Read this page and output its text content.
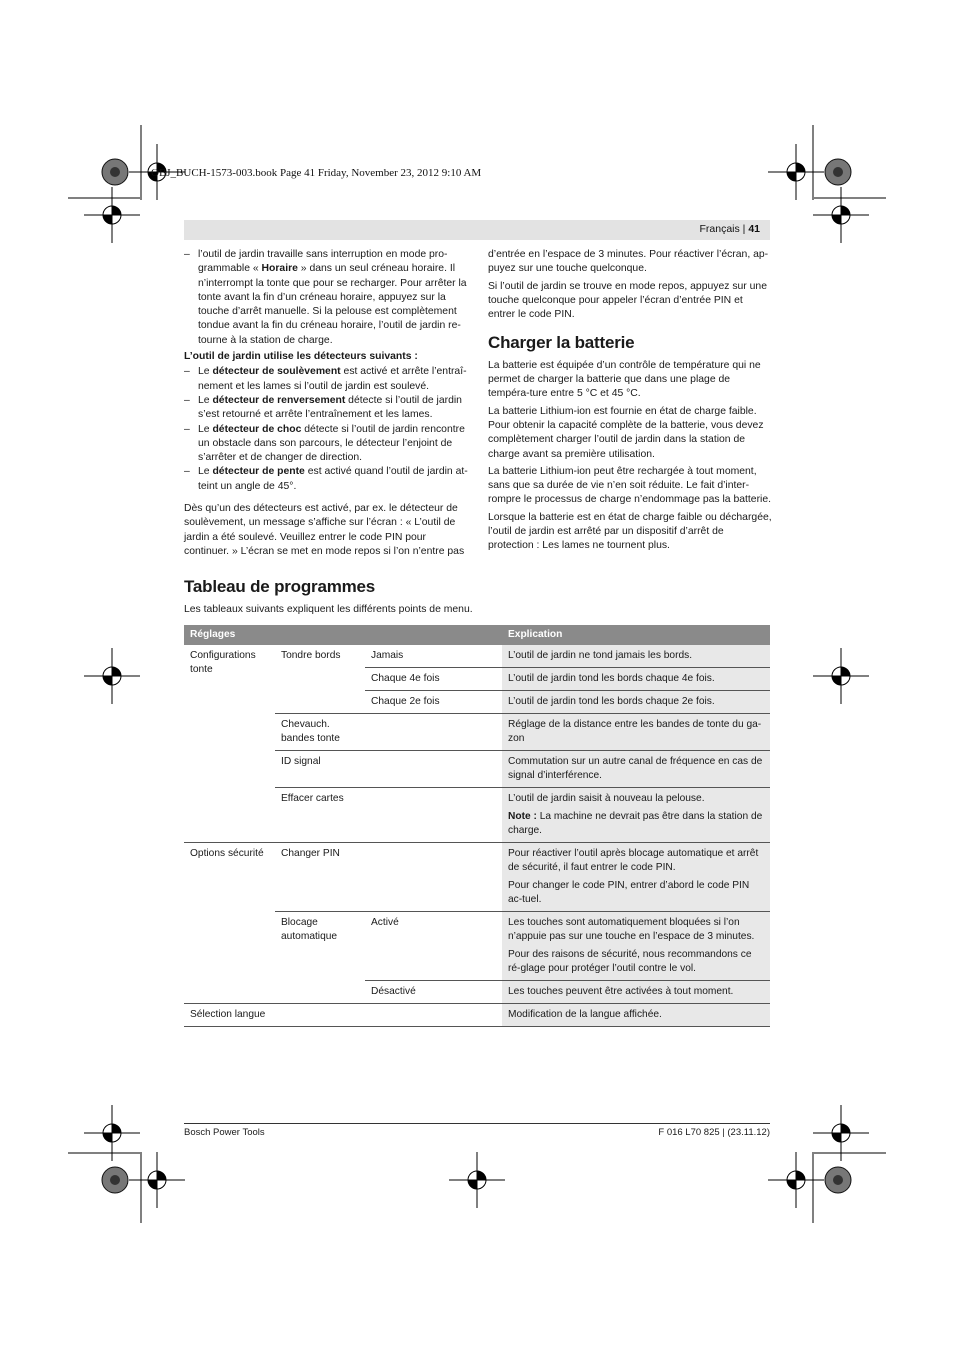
OBJ_BUCH-1573-003.book Page 41 Friday, November 23, 2012 9:10 AM
Français | 41

– l’outil de jardin travaille sans interruption en mode pro-grammable « Horaire » dans un seul créneau horaire. Il n’interrompt la tonte que pour se recharger. Pour arrêter la tonte avant la fin d’un créneau horaire, appuyez sur la touche d’arrêt manuelle. Si la pelouse est complètement tondue avant la fin du créneau horaire, l’outil de jardin re-tourne à la station de charge.

L’outil de jardin utilise les détecteurs suivants :

– Le détecteur de soulèvement est activé et arrête l’entraî-nement et les lames si l’outil de jardin est soulevé.

– Le détecteur de renversement détecte si l’outil de jardin s’est retourné et arrête l’entraînement et les lames.

– Le détecteur de choc détecte si l’outil de jardin rencontre un obstacle dans son parcours, le détecteur l’enjoint de s’arrêter et de changer de direction.

– Le détecteur de pente est activé quand l’outil de jardin at-teint un angle de 45°.

Dès qu’un des détecteurs est activé, par ex. le détecteur de soulèvement, un message s’affiche sur l’écran : « L’outil de jardin a été soulevé. Veuillez entrer le code PIN pour continuer. » L’écran se met en mode repos si l’on n’entre pas

d’entrée en l’espace de 3 minutes. Pour réactiver l’écran, ap-puyez sur une touche quelconque.

Si l’outil de jardin se trouve en mode repos, appuyez sur une touche quelconque pour appeler l’écran d’entrée PIN et entrer le code PIN.

Charger la batterie

La batterie est équipée d’un contrôle de température qui ne permet de charger la batterie que dans une plage de tempéra-ture entre 5 °C et 45 °C.

La batterie Lithium-ion est fournie en état de charge faible. Pour obtenir la capacité complète de la batterie, vous devez complètement charger l’outil de jardin dans la station de charge avant sa première utilisation.

La batterie Lithium-ion peut être rechargée à tout moment, sans que sa durée de vie n’en soit réduite. Le fait d’inter-rompre le processus de charge n’endommage pas la batterie.

Lorsque la batterie est en état de charge faible ou déchargée, l’outil de jardin est arrêté par un dispositif d’arrêt de protection : Les lames ne tournent plus.

Tableau de programmes
Les tableaux suivants expliquent les différents points de menu.
Réglages			Explication
Configurations tonte	Tondre bords	Jamais	L’outil de jardin ne tond jamais les bords.
		Chaque 4e fois	L’outil de jardin tond les bords chaque 4e fois.
		Chaque 2e fois	L’outil de jardin tond les bords chaque 2e fois.
	Chevauch. bandes tonte		Réglage de la distance entre les bandes de tonte du ga-zon
	ID signal		Commutation sur un autre canal de fréquence en cas de signal d’interférence.
	Effacer cartes		L’outil de jardin saisit à nouveau la pelouse.

Note : La machine ne devrait pas être dans la station de charge.

Options sécurité	Changer PIN		Pour réactiver l’outil après blocage automatique et arrêt de sécurité, il faut entrer le code PIN.

Pour changer le code PIN, entrer d’abord le code PIN ac-tuel.

	Blocage automatique	Activé	Les touches sont automatiquement bloquées si l’on n’appuie pas sur une touche en l’espace de 3 minutes.

Pour des raisons de sécurité, nous recommandons ce ré-glage pour protéger l’outil contre le vol.

		Désactivé	Les touches peuvent être activées à tout moment.
Sélection langue			Modification de la langue affichée.
Bosch Power Tools	F 016 L70 825 | (23.11.12)
